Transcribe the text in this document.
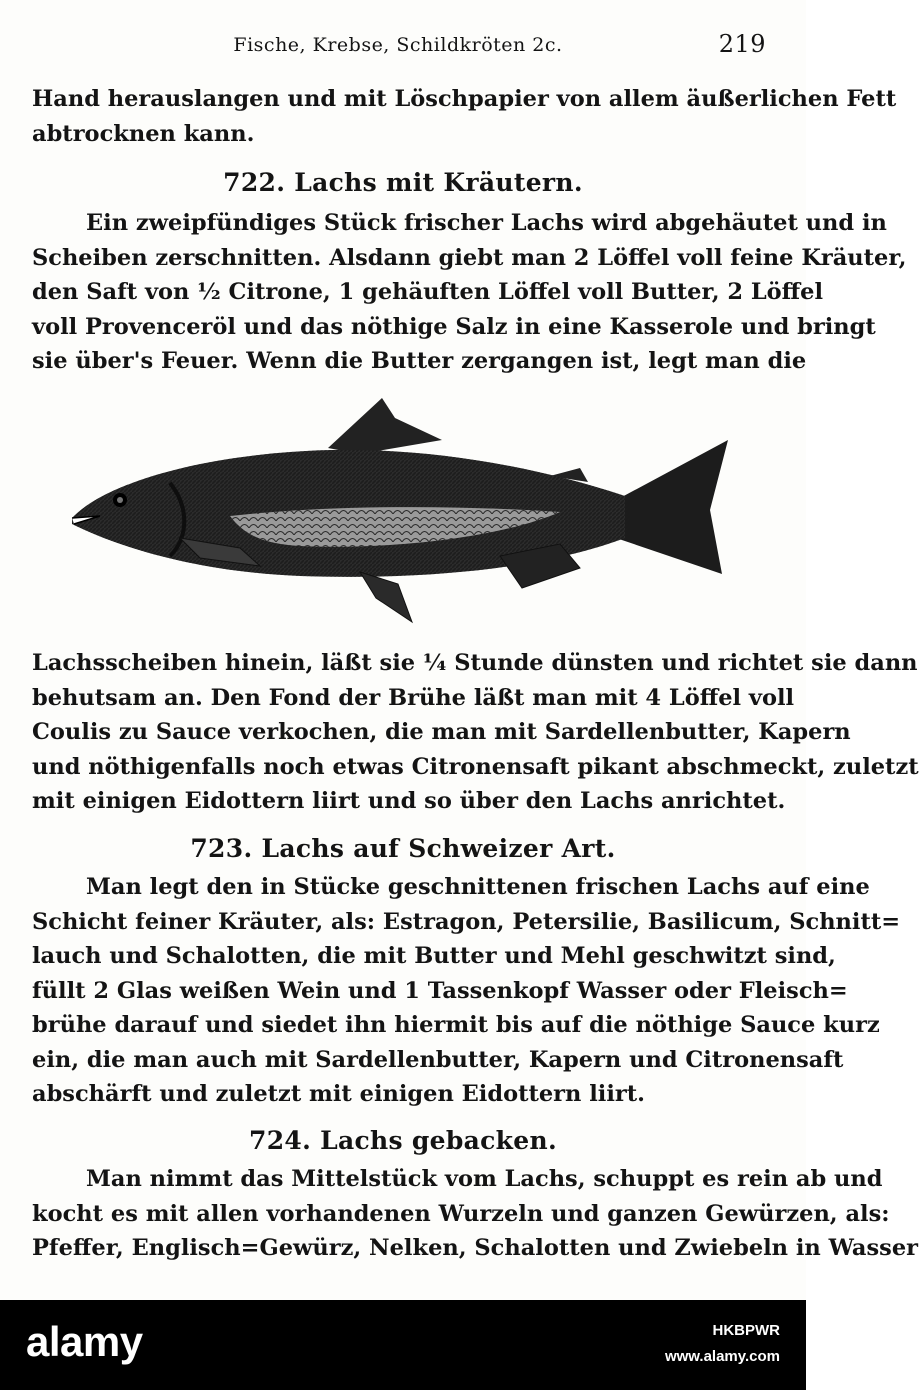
Fische, Krebse, Schildkröten 2c.	219
Hand herauslangen und mit Löschpapier von allem äußerlichen Fett
abtrocknen kann.
722. Lachs mit Kräutern.
Ein zweipfündiges Stück frischer Lachs wird abgehäutet und in
Scheiben zerschnitten. Alsdann giebt man 2 Löffel voll feine Kräuter,
den Saft von ½ Citrone, 1 gehäuften Löffel voll Butter, 2 Löffel
voll Provenceröl und das nöthige Salz in eine Kasserole und bringt
sie über's Feuer. Wenn die Butter zergangen ist, legt man die
Lachsscheiben hinein, läßt sie ¼ Stunde dünsten und richtet sie dann
behutsam an. Den Fond der Brühe läßt man mit 4 Löffel voll
Coulis zu Sauce verkochen, die man mit Sardellenbutter, Kapern
und nöthigenfalls noch etwas Citronensaft pikant abschmeckt, zuletzt
mit einigen Eidottern liirt und so über den Lachs anrichtet.
723. Lachs auf Schweizer Art.
Man legt den in Stücke geschnittenen frischen Lachs auf eine
Schicht feiner Kräuter, als: Estragon, Petersilie, Basilicum, Schnitt=
lauch und Schalotten, die mit Butter und Mehl geschwitzt sind,
füllt 2 Glas weißen Wein und 1 Tassenkopf Wasser oder Fleisch=
brühe darauf und siedet ihn hiermit bis auf die nöthige Sauce kurz
ein, die man auch mit Sardellenbutter, Kapern und Citronensaft
abschärft und zuletzt mit einigen Eidottern liirt.
724. Lachs gebacken.
Man nimmt das Mittelstück vom Lachs, schuppt es rein ab und
kocht es mit allen vorhandenen Wurzeln und ganzen Gewürzen, als:
Pfeffer, Englisch=Gewürz, Nelken, Schalotten und Zwiebeln in Wasser
alamy	HKBPWR
www.alamy.com
